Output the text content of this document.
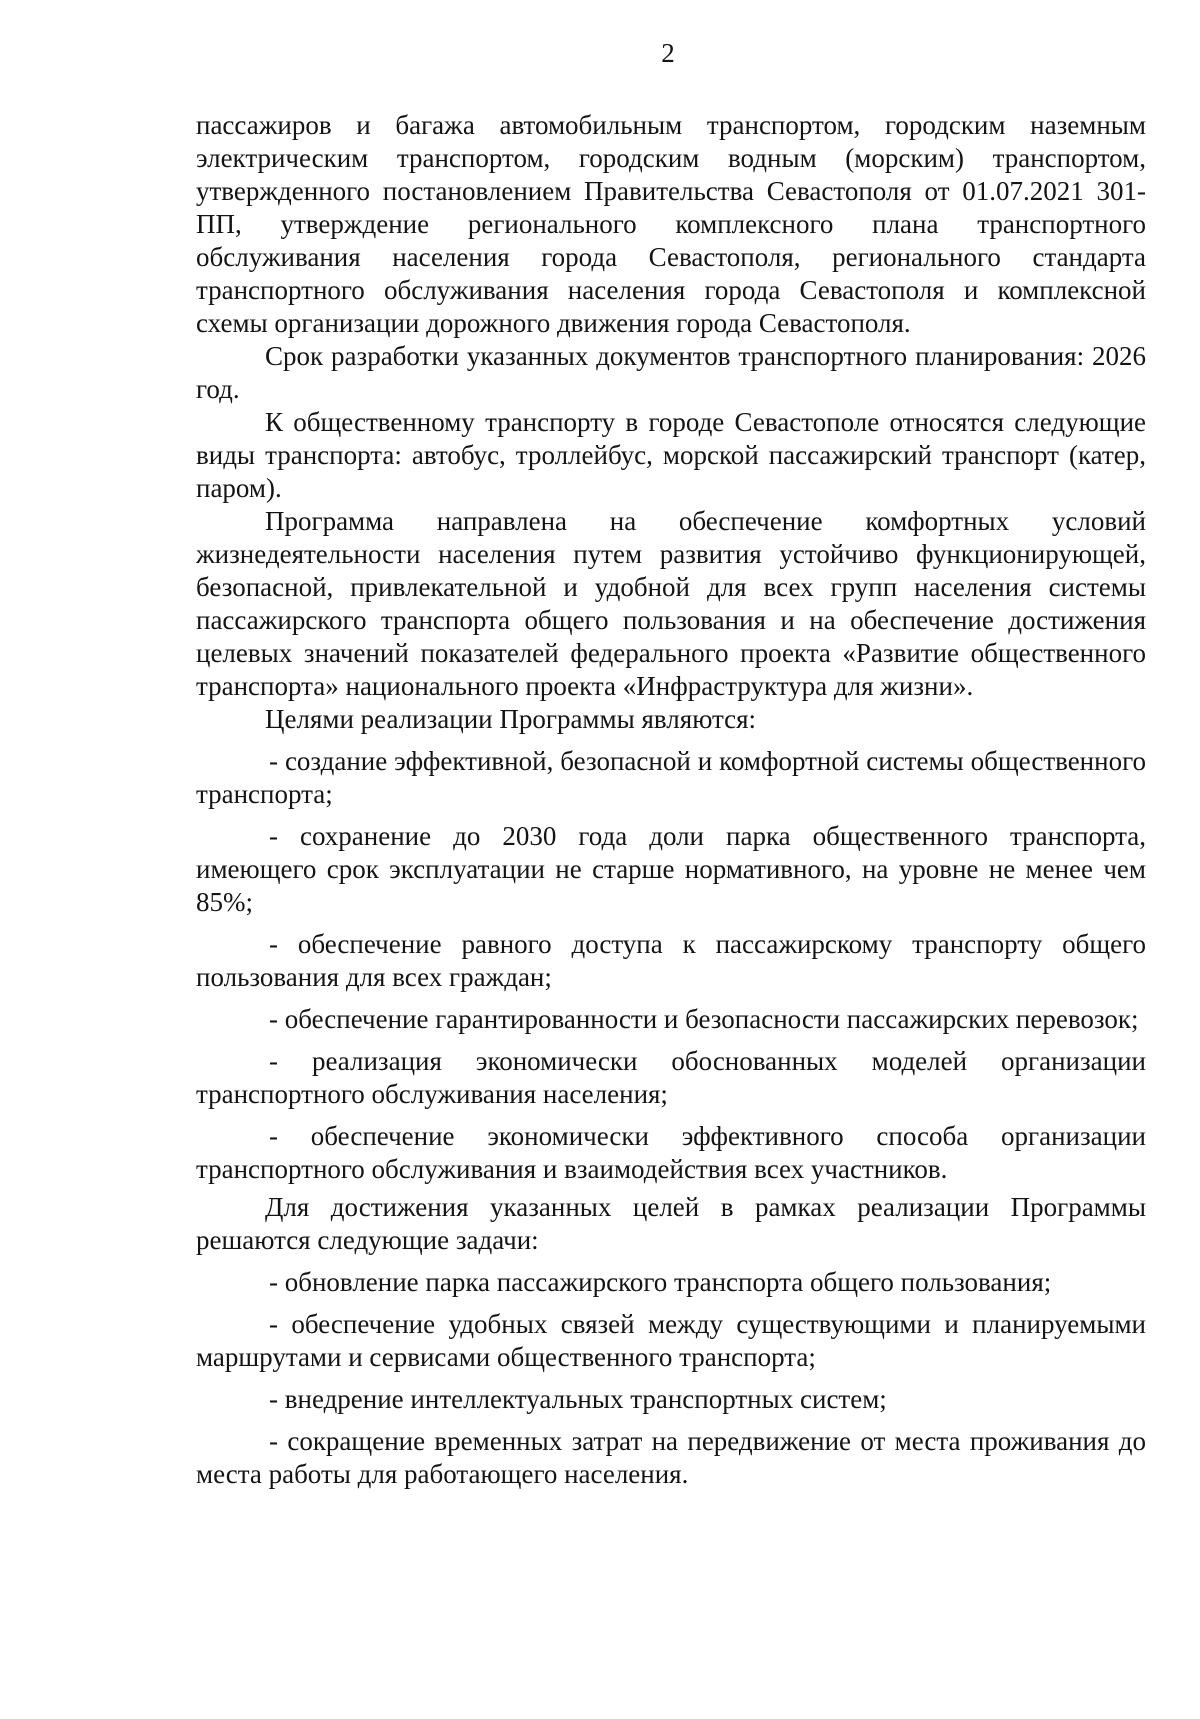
2

пассажиров и багажа автомобильным транспортом, городским наземным электрическим транспортом, городским водным (морским) транспортом, утвержденного постановлением Правительства Севастополя от 01.07.2021 301-ПП, утверждение регионального комплексного плана транспортного обслуживания населения города Севастополя, регионального стандарта транспортного обслуживания населения города Севастополя и комплексной схемы организации дорожного движения города Севастополя.

Срок разработки указанных документов транспортного планирования: 2026 год.

К общественному транспорту в городе Севастополе относятся следующие виды транспорта: автобус, троллейбус, морской пассажирский транспорт (катер, паром).

Программа направлена на обеспечение комфортных условий жизнедеятельности населения путем развития устойчиво функционирующей, безопасной, привлекательной и удобной для всех групп населения системы пассажирского транспорта общего пользования и на обеспечение достижения целевых значений показателей федерального проекта «Развитие общественного транспорта» национального проекта «Инфраструктура для жизни».

Целями реализации Программы являются:

- создание эффективной, безопасной и комфортной системы общественного транспорта;

- сохранение до 2030 года доли парка общественного транспорта, имеющего срок эксплуатации не старше нормативного, на уровне не менее чем 85%;

- обеспечение равного доступа к пассажирскому транспорту общего пользования для всех граждан;

- обеспечение гарантированности и безопасности пассажирских перевозок;

- реализация экономически обоснованных моделей организации транспортного обслуживания населения;

- обеспечение экономически эффективного способа организации транспортного обслуживания и взаимодействия всех участников.

Для достижения указанных целей в рамках реализации Программы решаются следующие задачи:

- обновление парка пассажирского транспорта общего пользования;

- обеспечение удобных связей между существующими и планируемыми маршрутами и сервисами общественного транспорта;

- внедрение интеллектуальных транспортных систем;

- сокращение временных затрат на передвижение от места проживания до места работы для работающего населения.
